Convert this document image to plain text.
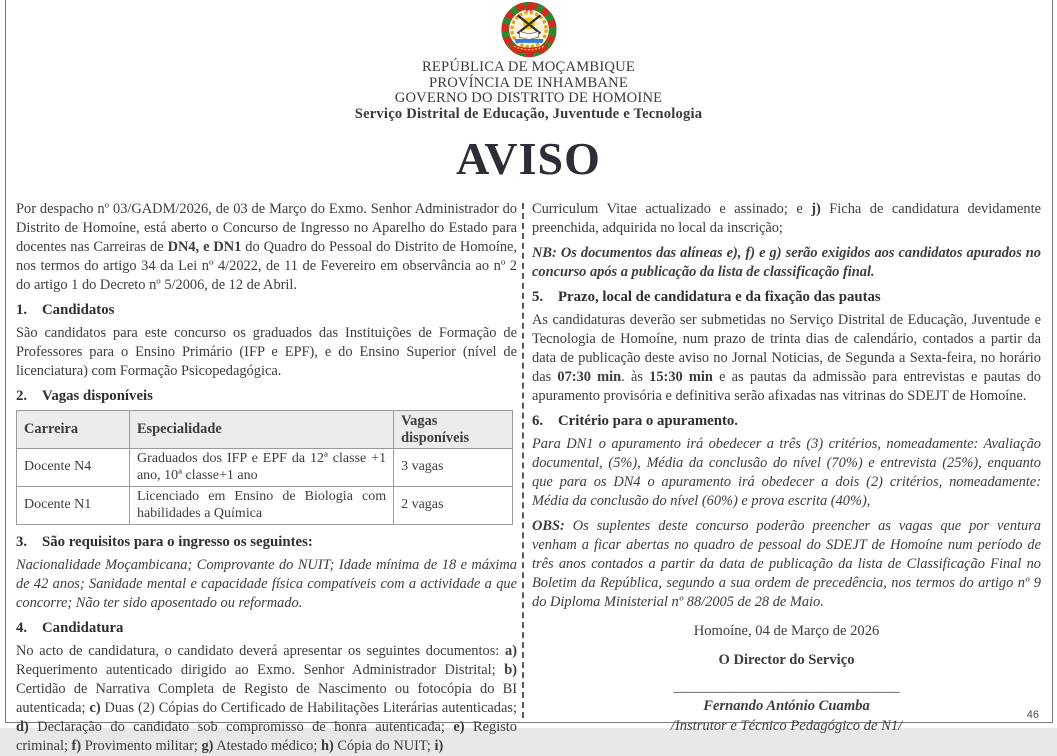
REPÚBLICA DE MOÇAMBIQUE
PROVÍNCIA DE INHAMBANE
GOVERNO DO DISTRITO DE HOMOINE
Serviço Distrital de Educação, Juventude e Tecnologia
AVISO

Por despacho nº 03/GADM/2026, de 03 de Março do Exmo. Senhor Administrador do Distrito de Homoíne, está aberto o Concurso de Ingresso no Aparelho do Estado para docentes nas Carreiras de DN4, e DN1 do Quadro do Pessoal do Distrito de Homoíne, nos termos do artigo 34 da Lei nº 4/2022, de 11 de Fevereiro em observância ao nº 2 do artigo 1 do Decreto nº 5/2006, de 12 de Abril.

1. Candidatos

São candidatos para este concurso os graduados das Instituições de Formação de Professores para o Ensino Primário (IFP e EPF), e do Ensino Superior (nível de licenciatura) com Formação Psicopedagógica.

2. Vagas disponíveis
Carreira	Especialidade	Vagas disponíveis
Docente N4	Graduados dos IFP e EPF da 12ª classe +1 ano, 10ª classe+1 ano	3 vagas
Docente N1	Licenciado em Ensino de Biologia com habilidades a Química	2 vagas
3. São requisitos para o ingresso os seguintes:

Nacionalidade Moçambicana; Comprovante do NUIT; Idade mínima de 18 e máxima de 42 anos; Sanidade mental e capacidade física compatíveis com a actividade a que concorre; Não ter sido aposentado ou reformado.

4. Candidatura

No acto de candidatura, o candidato deverá apresentar os seguintes documentos: a) Requerimento autenticado dirigido ao Exmo. Senhor Administrador Distrital; b) Certidão de Narrativa Completa de Registo de Nascimento ou fotocópia do BI autenticada; c) Duas (2) Cópias do Certificado de Habilitações Literárias autenticadas; d) Declaração do candidato sob compromisso de honra autenticada; e) Registo criminal; f) Provimento militar; g) Atestado médico; h) Cópia do NUIT; i)

Curriculum Vitae actualizado e assinado; e j) Ficha de candidatura devidamente preenchida, adquirida no local da inscrição;

NB: Os documentos das alíneas e), f) e g) serão exigidos aos candidatos apurados no concurso após a publicação da lista de classificação final.

5. Prazo, local de candidatura e da fixação das pautas

As candidaturas deverão ser submetidas no Serviço Distrital de Educação, Juventude e Tecnologia de Homoíne, num prazo de trinta dias de calendário, contados a partir da data de publicação deste aviso no Jornal Noticias, de Segunda a Sexta-feira, no horário das 07:30 min. às 15:30 min e as pautas da admissão para entrevistas e pautas do apuramento provisória e definitiva serão afixadas nas vitrinas do SDEJT de Homoíne.

6. Critério para o apuramento.

Para DN1 o apuramento irá obedecer a três (3) critérios, nomeadamente: Avaliação documental, (5%), Média da conclusão do nível (70%) e entrevista (25%), enquanto que para os DN4 o apuramento irá obedecer a dois (2) critérios, nomeadamente: Média da conclusão do nível (60%) e prova escrita (40%),

OBS: Os suplentes deste concurso poderão preencher as vagas que por ventura venham a ficar abertas no quadro de pessoal do SDEJT de Homoíne num período de três anos contados a partir da data de publicação da lista de Classificação Final no Boletim da República, segundo a sua ordem de precedência, nos termos do artigo nº 9 do Diploma Ministerial nº 88/2005 de 28 de Maio.

Homoíne, 04 de Março de 2026
O Director do Serviço
_______________________________
Fernando António Cuamba
/Instrutor e Técnico Pedagógico de N1/
46
